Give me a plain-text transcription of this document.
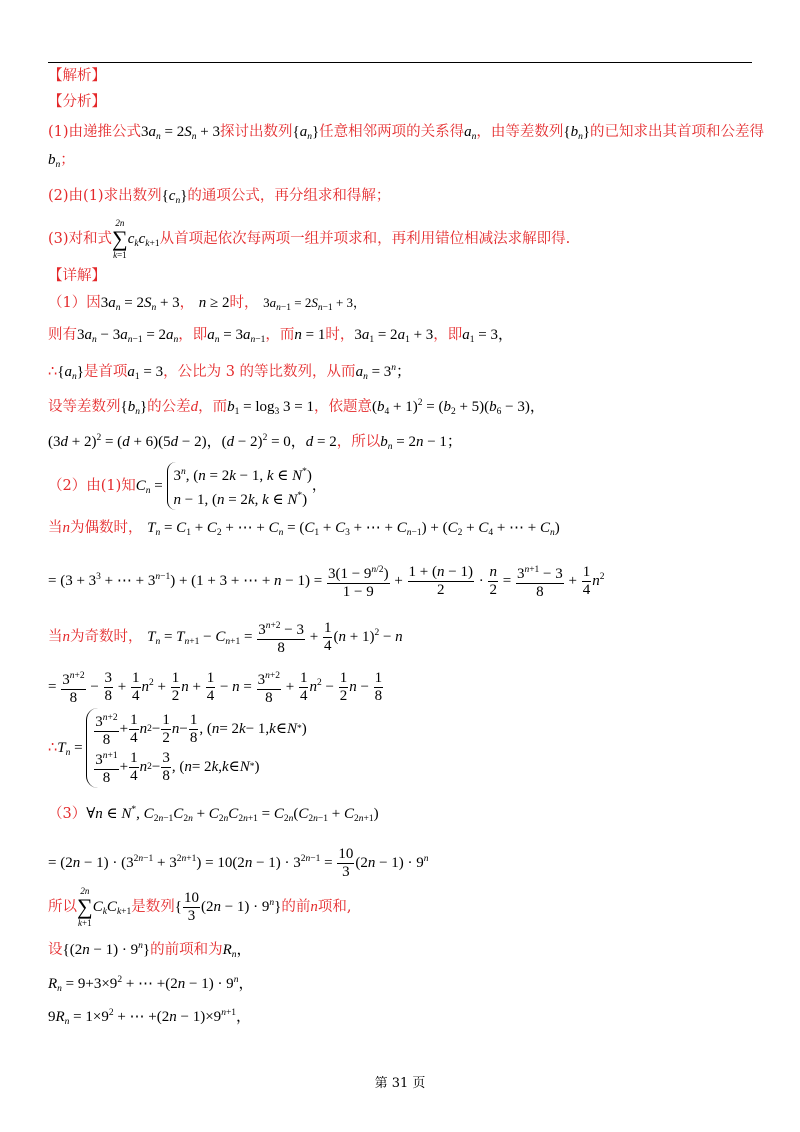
【解析】
【分析】
(1)由递推公式$3a_n = 2S_n + 3$探讨出数列$\{a_n\}$任意相邻两项的关系得$a_n$，由等差数列$\{b_n\}$的已知求出其首项和公差得
$b_n$；
(2)由(1)求出数列$\{c_n\}$的通项公式，再分组求和得解；
(3)对和式2n
∑
$k=1c_kc_{k+1}$从首项起依次每两项一组并项求和，再利用错位相减法求解即得.
【详解】
（1）因$3a_n = 2S_n + 3$， n ≥ 2时， $3a_{n-1} = 2S_{n-1} + 3$，
则有$3a_n - 3a_{n-1} = 2a_n$，即$a_n = 3a_{n-1}$，而n = 1时，$3a_1 = 2a_1 + 3$，即$a_1 = 3$，
$\therefore\{a_n\}$是首项$a_1 = 3$，公比为 3 的等比数列，从而$a_n = 3^n$；
设等差数列$\{b_n\}$的公差d，而$b_1 = \log_3 3 = 1$，依题意$(b_4 + 1)^2 = (b_2 + 5)(b_6 - 3)$，
$(3d + 2)^2 = (d + 6)(5d - 2)$，$(d - 2)^2 = 0$，d = 2，所以$b_n = 2n - 1$；
（2）由(1)知$C_n$ =
3$^n$, (n = 2k − 1, k ∈ N*)
n − 1, (n = 2k, k ∈ N*)
，
当n为偶数时， $T_n = C_1 + C_2$ + ⋯ + $C_n = (C_1 + C_3$ + ⋯ + $C_{n-1}) + (C_2 + C_4$ + ⋯ + $C_n$)
= ($3 + 3^3$ + ⋯ + $3^{n-1}) + (1 + 3$ + ⋯ + $n - 1) = \frac{3(1 - 9^{n/2})}{1 - 9} + \frac{1 + (n - 1)}{2} \cdot \frac{n}{2} = \frac{3^{n+1} - 3}{8} + \frac{1}{4} n^2$
当n为奇数时， $T_n = T_{n+1} - C_{n+1} = \frac{3^{n+2} - 3}{8} + \frac{1}{4} (n + 1)^2 - n$
= $\frac{3^{n+2}}{8} - \frac{3}{8} + \frac{1}{4} n^2 + \frac{1}{2}$ $n + \frac{1}{4} - n = \frac{3^{n+2}}{8} + \frac{1}{4} n^2 - \frac{1}{2}$ $n - \frac{1}{8}$
$\therefore T_n = \frac{3^{n+2}}{8} + \frac{1}{4}$ n $2 - \frac{1}{2}$ $n - \frac{1}{8}$ , ( n = 2 k − 1, k ∈ N * )
$\frac{3^{n+1}}{8} + \frac{1}{4}$ n $2 - \frac{3}{8}$ , ( n = 2 k , k ∈ N * )
（3）∀n ∈ N*, $C_{2n-1}C_{2n} + C_{2n}C_{2n+1} = C_{2n}(C_{2n-1} + C_{2n+1})$
= $(2n - 1) \cdot (3^{2n-1} + 3^{2n+1}) = 10(2n - 1) \cdot 3^{2n-1} = \frac{10}{3} (2n - 1) \cdot 9^n$
所以2n
∑
$k+1C_kC_{k+1}$是数列{ $\frac{10}{3} (2n - 1) \cdot 9^n$}的前n项和,
设$\{(2n - 1) \cdot 9^n\}$的前项和为$R_n$，
$R_n = 9+3\times 9^2$ + ⋯ $+(2n - 1) \cdot 9^n$，
$9R_n = 1\times 9^2$ + ⋯ $+(2n - 1)\times 9^{n+1}$，
第 31 页
